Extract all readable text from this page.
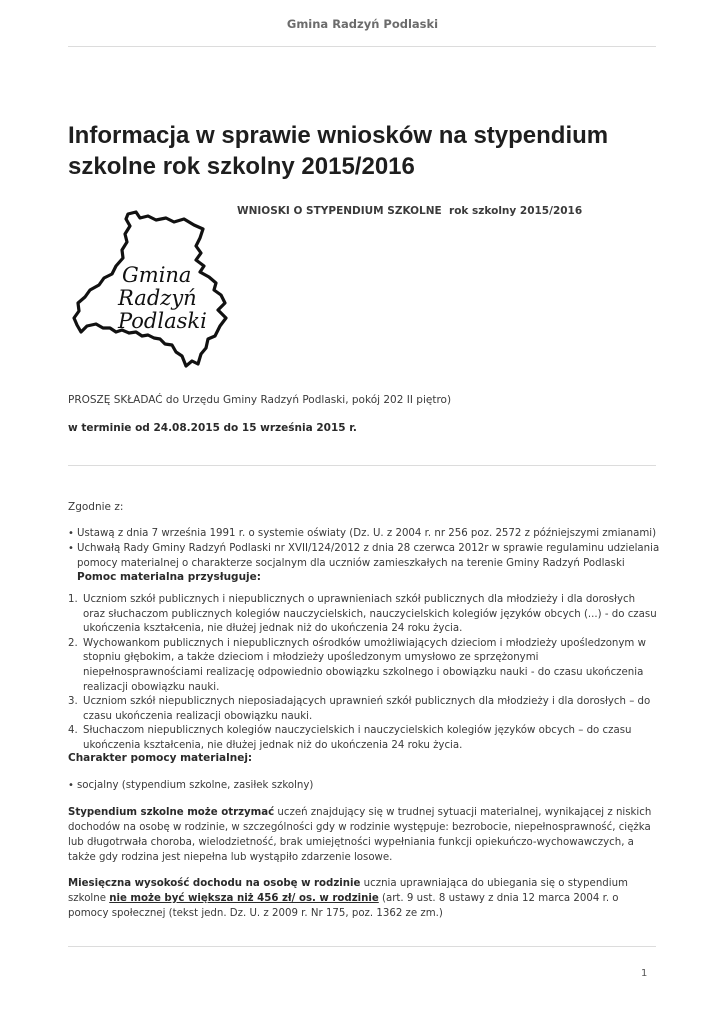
Gmina Radzyń Podlaski
Informacja w sprawie wniosków na stypendium
szkolne rok szkolny 2015/2016
WNIOSKI O STYPENDIUM SZKOLNE  rok szkolny 2015/2016
Gmina
Radzyń
Podlaski

PROSZĘ SKŁADAĆ do Urzędu Gminy Radzyń Podlaski, pokój 202 II piętro)

w terminie od 24.08.2015 do 15 września 2015 r.

Zgodnie z:

• Ustawą z dnia 7 września 1991 r. o systemie oświaty (Dz. U. z 2004 r. nr 256 poz. 2572 z późniejszymi zmianami)
• Uchwałą Rady Gminy Radzyń Podlaski nr XVII/124/2012 z dnia 28 czerwca 2012r w sprawie regulaminu udzielania pomocy materialnej o charakterze socjalnym dla uczniów zamieszkałych na terenie Gminy Radzyń Podlaski

Pomoc materialna przysługuje:

1. Uczniom szkół publicznych i niepublicznych o uprawnieniach szkół publicznych dla młodzieży i dla dorosłych oraz słuchaczom publicznych kolegiów nauczycielskich, nauczycielskich kolegiów języków obcych (...) - do czasu ukończenia kształcenia, nie dłużej jednak niż do ukończenia 24 roku życia.
2. Wychowankom publicznych i niepublicznych ośrodków umożliwiających dzieciom i młodzieży upośledzonym w stopniu głębokim, a także dzieciom i młodzieży upośledzonym umysłowo ze sprzężonymi niepełnosprawnościami realizację odpowiednio obowiązku szkolnego i obowiązku nauki - do czasu ukończenia realizacji obowiązku nauki.
3. Uczniom szkół niepublicznych nieposiadających uprawnień szkół publicznych dla młodzieży i dla dorosłych – do czasu ukończenia realizacji obowiązku nauki.
4. Słuchaczom niepublicznych kolegiów nauczycielskich i nauczycielskich kolegiów języków obcych – do czasu ukończenia kształcenia, nie dłużej jednak niż do ukończenia 24 roku życia.

Charakter pomocy materialnej:

• socjalny (stypendium szkolne, zasiłek szkolny)

Stypendium szkolne może otrzymać uczeń znajdujący się w trudnej sytuacji materialnej, wynikającej z niskich dochodów na osobę w rodzinie, w szczególności gdy w rodzinie występuje: bezrobocie, niepełnosprawność, ciężka lub długotrwała choroba, wielodzietność, brak umiejętności wypełniania funkcji opiekuńczo-wychowawczych, a także gdy rodzina jest niepełna lub wystąpiło zdarzenie losowe.

Miesięczna wysokość dochodu na osobę w rodzinie ucznia uprawniająca do ubiegania się o stypendium szkolne nie może być większa niż 456 zł/ os. w rodzinie (art. 9 ust. 8 ustawy z dnia 12 marca 2004 r. o pomocy społecznej (tekst jedn. Dz. U. z 2009 r. Nr 175, poz. 1362 ze zm.)

1
